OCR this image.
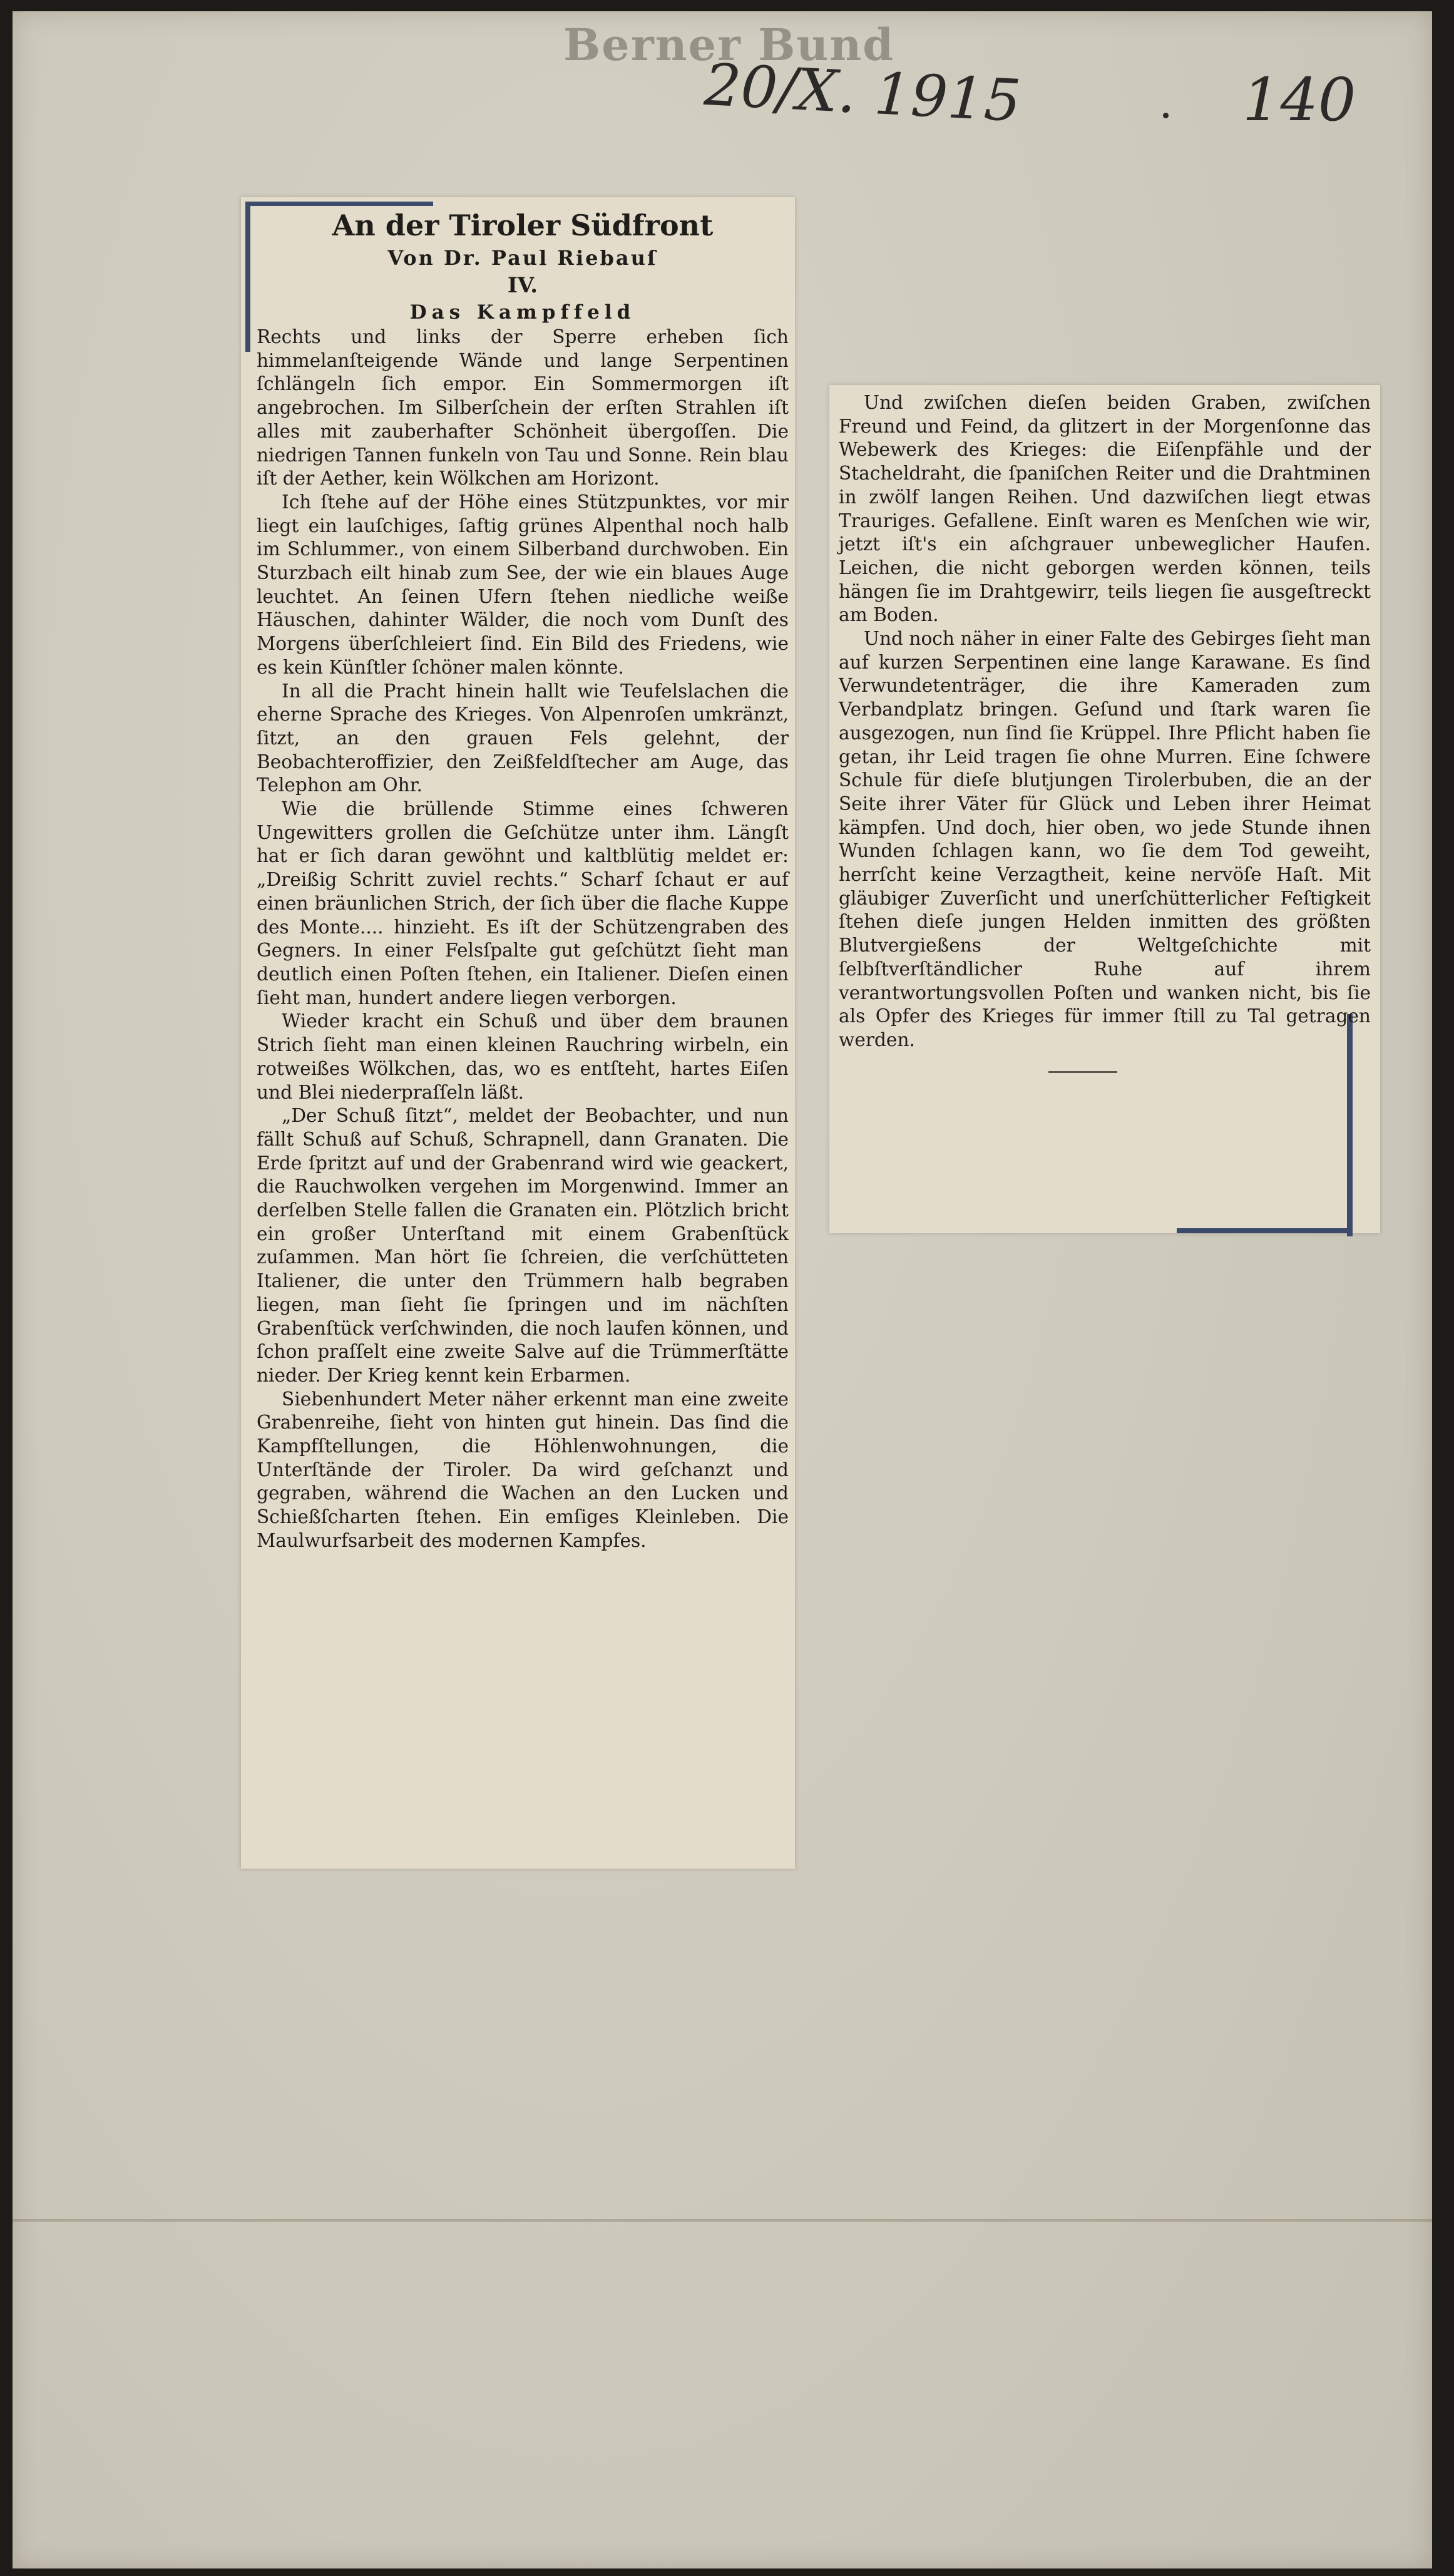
Berner Bund
20/X. 1915	140

An der Tiroler Südfront

Von Dr. Paul Riebauſ

IV.

Das Kampffeld

Rechts und links der Sperre erheben ſich himmelanſteigende Wände und lange Serpentinen ſchlängeln ſich empor. Ein Sommermorgen iſt angebrochen. Im Silberſchein der erſten Strahlen iſt alles mit zauberhafter Schönheit übergoſſen. Die niedrigen Tannen funkeln von Tau und Sonne. Rein blau iſt der Aether, kein Wölkchen am Horizont.

Ich ſtehe auf der Höhe eines Stützpunktes, vor mir liegt ein lauſchiges, ſaftig grünes Alpenthal noch halb im Schlummer., von einem Silberband durchwoben. Ein Sturzbach eilt hinab zum See, der wie ein blaues Auge leuchtet. An ſeinen Ufern ſtehen niedliche weiße Häuschen, dahinter Wälder, die noch vom Dunſt des Morgens überſchleiert ſind. Ein Bild des Friedens, wie es kein Künſtler ſchöner malen könnte.

In all die Pracht hinein hallt wie Teufelslachen die eherne Sprache des Krieges. Von Alpenroſen umkränzt, ſitzt, an den grauen Fels gelehnt, der Beobachteroffizier, den Zeißfeldſtecher am Auge, das Telephon am Ohr.

Wie die brüllende Stimme eines ſchweren Ungewitters grollen die Geſchütze unter ihm. Längſt hat er ſich daran gewöhnt und kaltblütig meldet er: „Dreißig Schritt zuviel rechts.“ Scharf ſchaut er auf einen bräunlichen Strich, der ſich über die flache Kuppe des Monte.... hinzieht. Es iſt der Schützengraben des Gegners. In einer Felsſpalte gut geſchützt ſieht man deutlich einen Poſten ſtehen, ein Italiener. Dieſen einen ſieht man, hundert andere liegen verborgen.

Wieder kracht ein Schuß und über dem braunen Strich ſieht man einen kleinen Rauchring wirbeln, ein rotweißes Wölkchen, das, wo es entſteht, hartes Eiſen und Blei niederpraſſeln läßt.

„Der Schuß ſitzt“, meldet der Beobachter, und nun fällt Schuß auf Schuß, Schrapnell, dann Granaten. Die Erde ſpritzt auf und der Grabenrand wird wie geackert, die Rauchwolken vergehen im Morgenwind. Immer an derſelben Stelle fallen die Granaten ein. Plötzlich bricht ein großer Unterſtand mit einem Grabenſtück zuſammen. Man hört ſie ſchreien, die verſchütteten Italiener, die unter den Trümmern halb begraben liegen, man ſieht ſie ſpringen und im nächſten Grabenſtück verſchwinden, die noch laufen können, und ſchon praſſelt eine zweite Salve auf die Trümmerſtätte nieder. Der Krieg kennt kein Erbarmen.

Siebenhundert Meter näher erkennt man eine zweite Grabenreihe, ſieht von hinten gut hinein. Das ſind die Kampfſtellungen, die Höhlenwohnungen, die Unterſtände der Tiroler. Da wird geſchanzt und gegraben, während die Wachen an den Lucken und Schießſcharten ſtehen. Ein emſiges Kleinleben. Die Maulwurfsarbeit des modernen Kampfes.

Und zwiſchen dieſen beiden Graben, zwiſchen Freund und Feind, da glitzert in der Morgenſonne das Webewerk des Krieges: die Eiſenpfähle und der Stacheldraht, die ſpaniſchen Reiter und die Drahtminen in zwölf langen Reihen. Und dazwiſchen liegt etwas Trauriges. Gefallene. Einſt waren es Menſchen wie wir, jetzt iſt's ein aſchgrauer unbeweglicher Haufen. Leichen, die nicht geborgen werden können, teils hängen ſie im Drahtgewirr, teils liegen ſie ausgeſtreckt am Boden.

Und noch näher in einer Falte des Gebirges ſieht man auf kurzen Serpentinen eine lange Karawane. Es ſind Verwundetenträger, die ihre Kameraden zum Verbandplatz bringen. Geſund und ſtark waren ſie ausgezogen, nun ſind ſie Krüppel. Ihre Pflicht haben ſie getan, ihr Leid tragen ſie ohne Murren. Eine ſchwere Schule für dieſe blutjungen Tirolerbuben, die an der Seite ihrer Väter für Glück und Leben ihrer Heimat kämpfen. Und doch, hier oben, wo jede Stunde ihnen Wunden ſchlagen kann, wo ſie dem Tod geweiht, herrſcht keine Verzagtheit, keine nervöſe Haſt. Mit gläubiger Zuverſicht und unerſchütterlicher Feſtigkeit ſtehen dieſe jungen Helden inmitten des größten Blutvergießens der Weltgeſchichte mit ſelbſtverſtändlicher Ruhe auf ihrem verantwortungsvollen Poſten und wanken nicht, bis ſie als Opfer des Krieges für immer ſtill zu Tal getragen werden.
